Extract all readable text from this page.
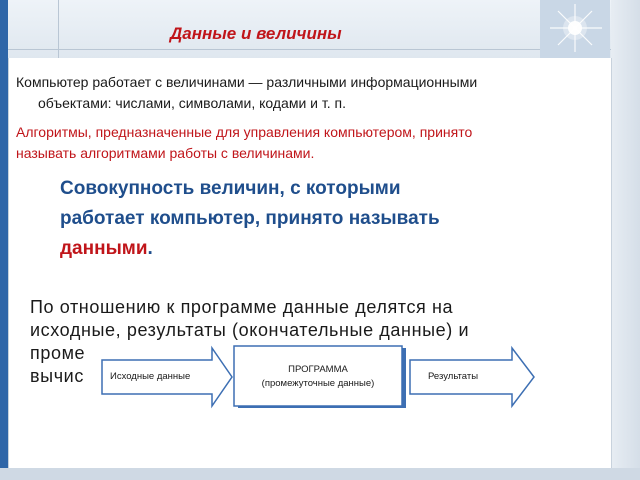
Данные и величины
Компьютер работает с величинами — различными информационными
объектами: числами, символами, кодами и т. п.
Алгоритмы, предназначенные для управления компьютером, принято
называть алгоритмами работы с величинами.
Совокупность величин, с которыми
работает компьютер, принято называть
данными.
По отношению к программе данные делятся на
исходные, результаты (окончательные данные) и
проме
вычис	Исходные данные
ПРОГРАММА
(промежуточные данные)
Результаты
